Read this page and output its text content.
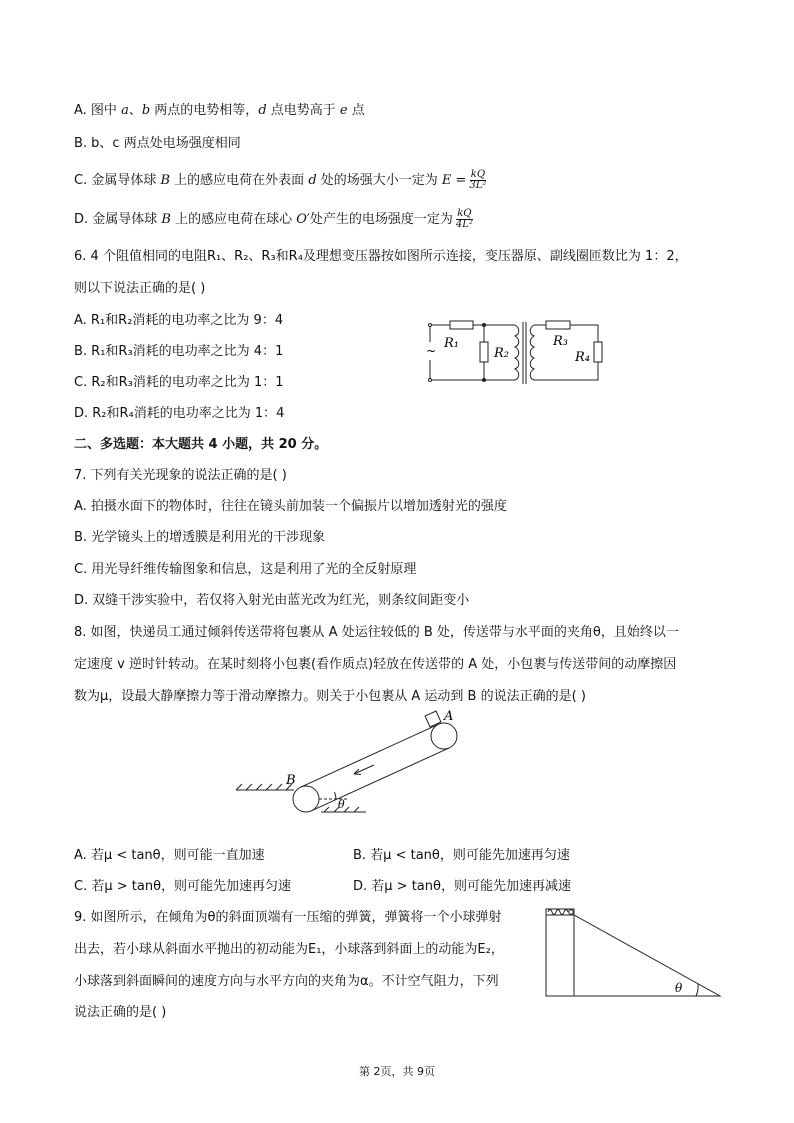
A. 图中 a、b 两点的电势相等，d 点电势高于 e 点
B. b、c 两点处电场强度相同
C. 金属导体球 B 上的感应电荷在外表面 d 处的场强大小一定为 $E = \frac{kQ}{\text{3L²}}$
D. 金属导体球 B 上的感应电荷在球心 O′处产生的电场强度一定为 $\frac{kQ}{\text{4L²}}$
6. 4 个阻值相同的电阻R₁、R₂、R₃和R₄及理想变压器按如图所示连接，变压器原、副线圈匝数比为 1：2，
则以下说法正确的是( )
A. R₁和R₂消耗的电功率之比为 9：4
B. R₁和R₃消耗的电功率之比为 4：1
C. R₂和R₃消耗的电功率之比为 1：1
D. R₂和R₄消耗的电功率之比为 1：4
~ R₁
R₂
R₃
R₄
二、多选题：本大题共 4 小题，共 20 分。
7. 下列有关光现象的说法正确的是( )
A. 拍摄水面下的物体时，往往在镜头前加装一个偏振片以增加透射光的强度
B. 光学镜头上的增透膜是利用光的干涉现象
C. 用光导纤维传输图象和信息，这是利用了光的全反射原理
D. 双缝干涉实验中，若仅将入射光由蓝光改为红光，则条纹间距变小
8. 如图，快递员工通过倾斜传送带将包裹从 A 处运往较低的 B 处，传送带与水平面的夹角θ，且始终以一
定速度 v 逆时针转动。在某时刻将小包裹(看作质点)轻放在传送带的 A 处，小包裹与传送带间的动摩擦因
数为μ，设最大静摩擦力等于滑动摩擦力。则关于小包裹从 A 运动到 B 的说法正确的是( )
A
B
θ
A. 若μ < tanθ，则可能一直加速	B. 若μ < tanθ，则可能先加速再匀速
C. 若μ > tanθ，则可能先加速再匀速	D. 若μ > tanθ，则可能先加速再减速
9. 如图所示，在倾角为θ的斜面顶端有一压缩的弹簧，弹簧将一个小球弹射
出去，若小球从斜面水平抛出的初动能为E₁，小球落到斜面上的动能为E₂，
小球落到斜面瞬间的速度方向与水平方向的夹角为α。不计空气阻力，下列
说法正确的是( )
θ
第 2页，共 9页
